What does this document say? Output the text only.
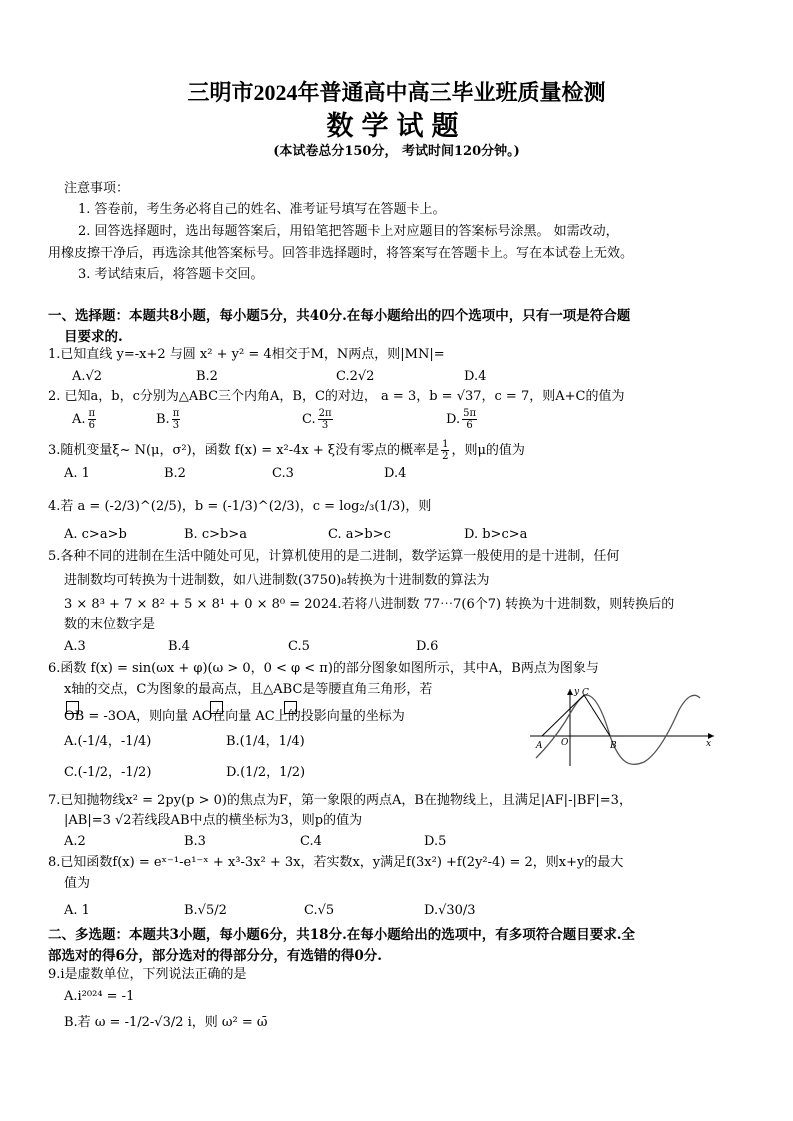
三明市2024年普通高中高三毕业班质量检测
数学试题
(本试卷总分150分， 考试时间120分钟。)
注意事项：
1. 答卷前，考生务必将自己的姓名、准考证号填写在答题卡上。
2. 回答选择题时，选出每题答案后，用铅笔把答题卡上对应题目的答案标号涂黑。 如需改动，
用橡皮擦干净后，再选涂其他答案标号。回答非选择题时，将答案写在答题卡上。写在本试卷上无效。
3. 考试结束后，将答题卡交回。
一、选择题：本题共8小题，每小题5分，共40分.在每小题给出的四个选项中，只有一项是符合题
目要求的.
1.已知直线 y=-x+2 与圆 x² + y² = 4相交于M，N两点，则|MN|=
A.√2	B.2	C.2√2	D.4
2. 已知a，b，c分别为△ABC三个内角A，B，C的对边， a = 3，b = √37，c = 7，则A+C的值为
A. $\frac{\pi}{6}$	B. $\frac{\pi}{3}$	C. $\frac{2\pi}{3}$	D. $\frac{5\pi}{6}$
3.随机变量ξ~ N(μ，σ²)，函数 f(x) = x²-4x + ξ没有零点的概率是 $\frac{1}{2}$ ，则μ的值为
A. 1	B.2	C.3	D.4
4.若 a = (-2/3)^(2/5)，b = (-1/3)^(2/3)，c = log₂/₃(1/3)，则
A. c>a>b	B. c>b>a	C. a>b>c	D. b>c>a
5.各种不同的进制在生活中随处可见，计算机使用的是二进制，数学运算一般使用的是十进制，任何
进制数均可转换为十进制数，如八进制数(3750)₈转换为十进制数的算法为
3 × 8³ + 7 × 8² + 5 × 8¹ + 0 × 8⁰ = 2024.若将八进制数 77⋯7(6个7) 转换为十进制数，则转换后的
数的末位数字是
A.3	B.4	C.5	D.6
6.函数 f(x) = sin(ωx + φ)(ω > 0，0 < φ < π)的部分图象如图所示，其中A，B两点为图象与
x轴的交点，C为图象的最高点，且△ABC是等腰直角三角形，若
OB = -3OA，则向量 AO在向量 AC上的投影向量的坐标为
A.(-1/4，-1/4)	B.(1/4，1/4)
C.(-1/2，-1/2)	D.(1/2，1/2)
y C
A O	B	x
7.已知抛物线x² = 2py(p > 0)的焦点为F，第一象限的两点A，B在抛物线上，且满足|AF|-|BF|=3，
|AB|=3 √2若线段AB中点的横坐标为3，则p的值为
A.2	B.3	C.4	D.5
8.已知函数f(x) = eˣ⁻¹-e¹⁻ˣ + x³-3x² + 3x，若实数x，y满足f(3x²) +f(2y²-4) = 2，则x+y的最大
值为
A. 1	B.√5/2	C.√5	D.√30/3
二、多选题：本题共3小题，每小题6分，共18分.在每小题给出的选项中，有多项符合题目要求.全
部选对的得6分，部分选对的得部分分，有选错的得0分.
9.i是虚数单位，下列说法正确的是
A.i²⁰²⁴ = -1
B.若 ω = -1/2-√3/2 i，则 ω² = ω̄
